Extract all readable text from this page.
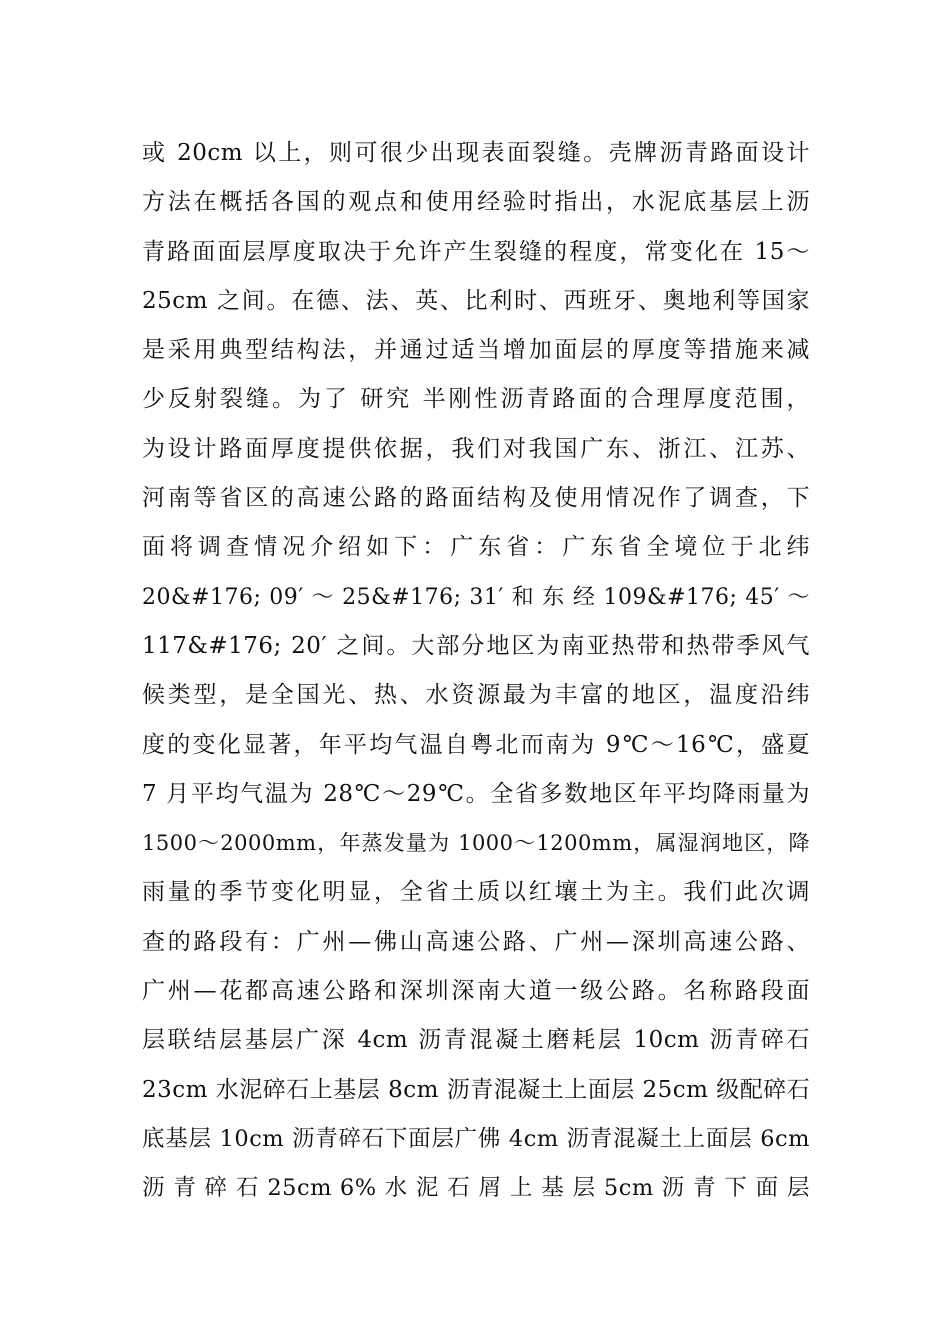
或 20cm 以上，则可很少出现表面裂缝。壳牌沥青路面设计
方法在概括各国的观点和使用经验时指出，水泥底基层上沥
青路面面层厚度取决于允许产生裂缝的程度，常变化在 15～
25cm 之间。在德、法、英、比利时、西班牙、奥地利等国家
是采用典型结构法，并通过适当增加面层的厚度等措施来减
少反射裂缝。为了 研究 半刚性沥青路面的合理厚度范围，
为设计路面厚度提供依据，我们对我国广东、浙江、江苏、
河南等省区的高速公路的路面结构及使用情况作了调查，下
面将调查情况介绍如下：广东省：广东省全境位于北纬
20&#176; 09′ ～ 25&#176; 31′ 和 东 经 109&#176; 45′ ～
117&#176; 20′ 之间。大部分地区为南亚热带和热带季风气
候类型，是全国光、热、水资源最为丰富的地区，温度沿纬
度的变化显著，年平均气温自粤北而南为 9℃～16℃，盛夏
7 月平均气温为 28℃～29℃。全省多数地区年平均降雨量为
1500～2000mm，年蒸发量为 1000～1200mm，属湿润地区，降
雨量的季节变化明显，全省土质以红壤土为主。我们此次调
查的路段有：广州—佛山高速公路、广州—深圳高速公路、
广州—花都高速公路和深圳深南大道一级公路。名称路段面
层联结层基层广深 4cm 沥青混凝土磨耗层 10cm 沥青碎石
23cm 水泥碎石上基层 8cm 沥青混凝土上面层 25cm 级配碎石
底基层 10cm 沥青碎石下面层广佛 4cm 沥青混凝土上面层 6cm
沥 青 碎 石 25cm 6% 水 泥 石 屑 上 基 层 5cm 沥 青 下 面 层
